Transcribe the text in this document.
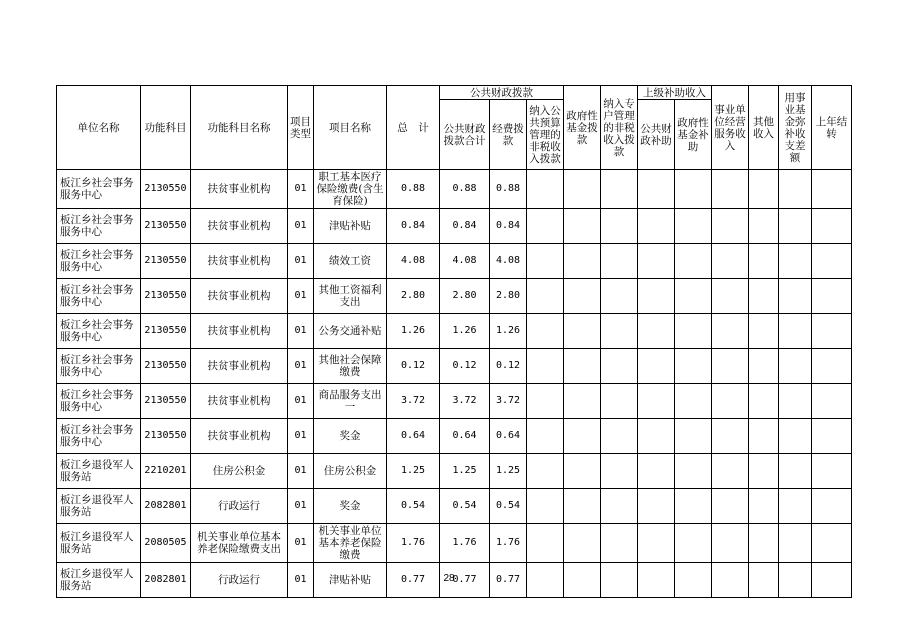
单位名称	功能科目	功能科目名称	项目类型	项目名称	总　计	公共财政拨款			政府性基金拨款	纳入专户管理的非税收入拨款	上级补助收入		事业单位经营服务收入	其他收入	用事业基金弥补收支差额	上年结转
						公共财政拨款合计	经费拨款	纳入公共预算管理的非税收入拨款			公共财政补助	政府性基金补助				
板江乡社会事务服务中心	2130550	扶贫事业机构	01	职工基本医疗保险缴费(含生育保险)	0.88	0.88	0.88									
板江乡社会事务服务中心	2130550	扶贫事业机构	01	津贴补贴	0.84	0.84	0.84									
板江乡社会事务服务中心	2130550	扶贫事业机构	01	绩效工资	4.08	4.08	4.08									
板江乡社会事务服务中心	2130550	扶贫事业机构	01	其他工资福利支出	2.80	2.80	2.80									
板江乡社会事务服务中心	2130550	扶贫事业机构	01	公务交通补贴	1.26	1.26	1.26									
板江乡社会事务服务中心	2130550	扶贫事业机构	01	其他社会保障缴费	0.12	0.12	0.12									
板江乡社会事务服务中心	2130550	扶贫事业机构	01	商品服务支出一	3.72	3.72	3.72									
板江乡社会事务服务中心	2130550	扶贫事业机构	01	奖金	0.64	0.64	0.64									
板江乡退役军人服务站	2210201	住房公积金	01	住房公积金	1.25	1.25	1.25									
板江乡退役军人服务站	2082801	行政运行	01	奖金	0.54	0.54	0.54									
板江乡退役军人服务站	2080505	机关事业单位基本养老保险缴费支出	01	机关事业单位基本养老保险缴费	1.76	1.76	1.76									
板江乡退役军人服务站	2082801	行政运行	01	津贴补贴	0.77	0.77	0.77									
28
